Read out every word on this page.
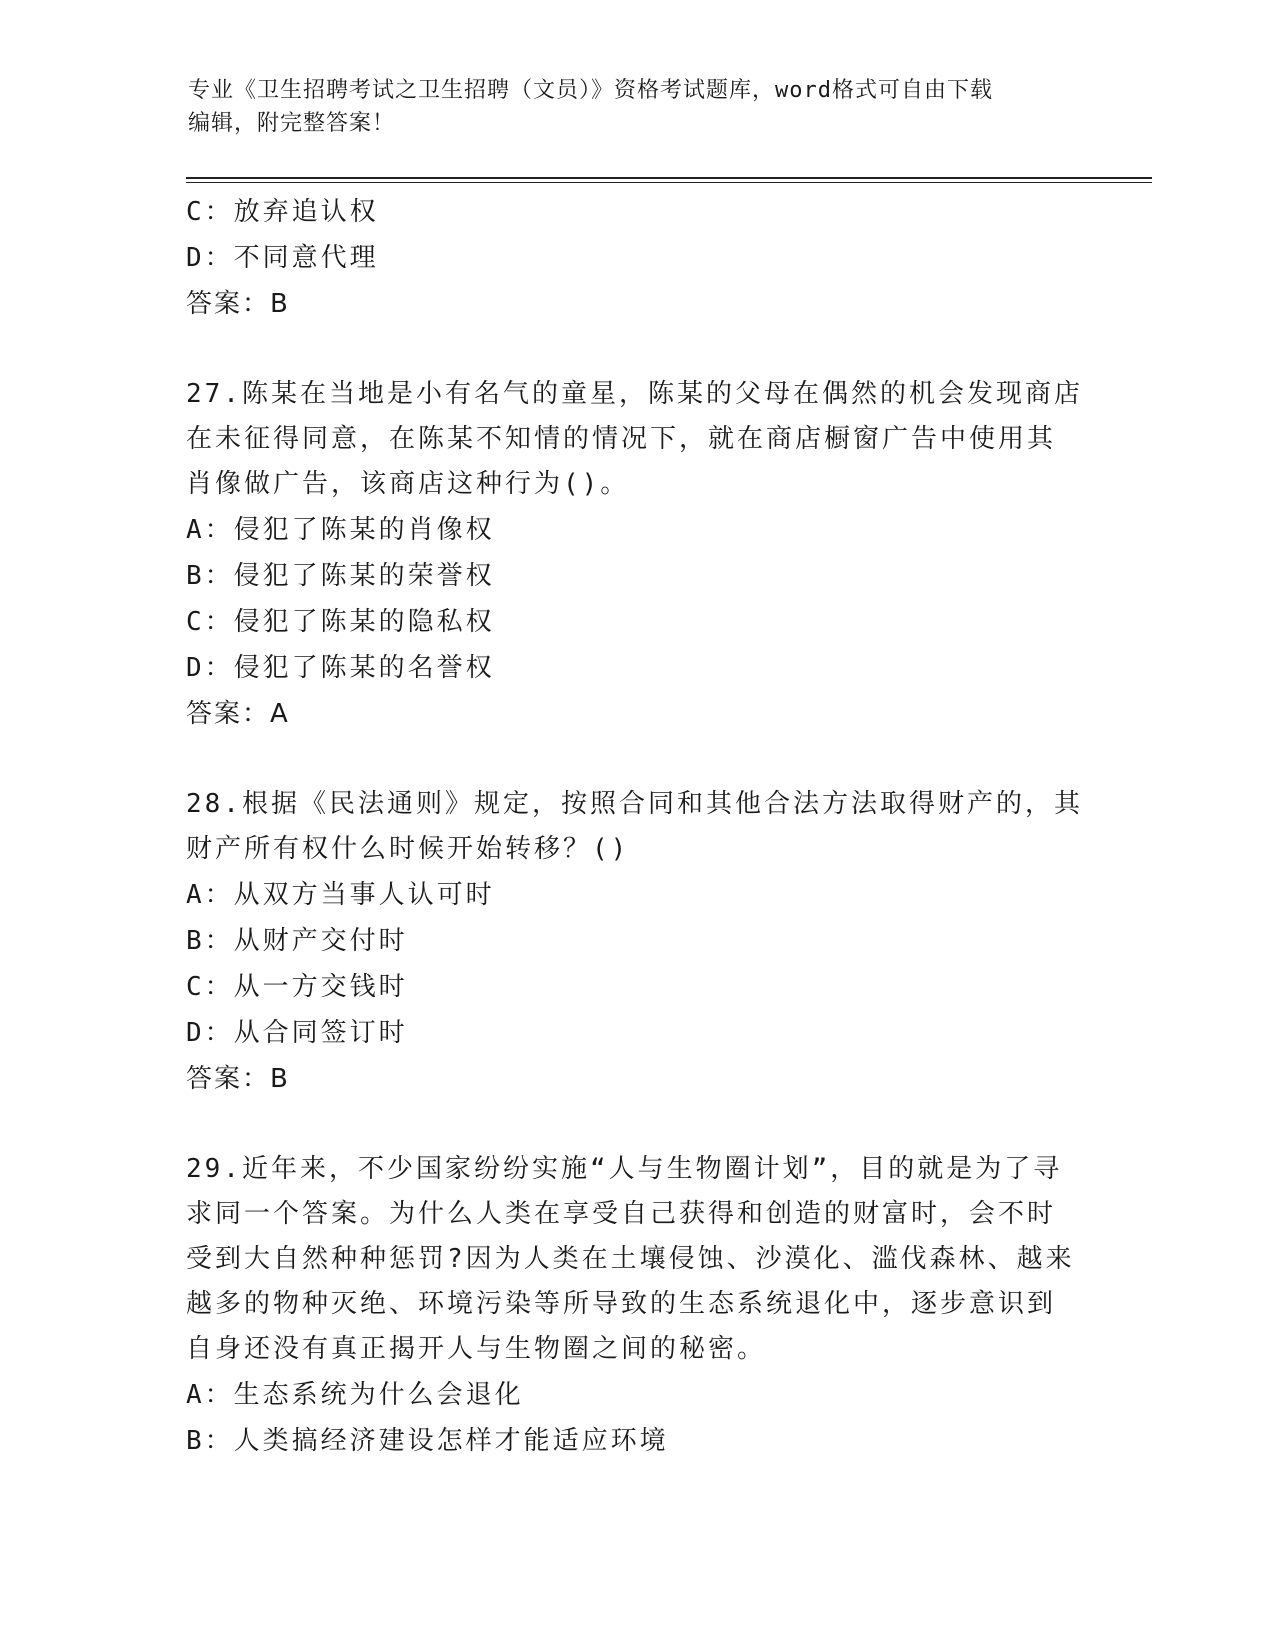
专业《卫生招聘考试之卫生招聘（文员）》资格考试题库，word格式可自由下载
编辑，附完整答案！
C：放弃追认权
D：不同意代理
答案：B
27.陈某在当地是小有名气的童星，陈某的父母在偶然的机会发现商店
在未征得同意，在陈某不知情的情况下，就在商店橱窗广告中使用其
肖像做广告，该商店这种行为()。
A：侵犯了陈某的肖像权
B：侵犯了陈某的荣誉权
C：侵犯了陈某的隐私权
D：侵犯了陈某的名誉权
答案：A
28.根据《民法通则》规定，按照合同和其他合法方法取得财产的，其
财产所有权什么时候开始转移？()
A：从双方当事人认可时
B：从财产交付时
C：从一方交钱时
D：从合同签订时
答案：B
29.近年来，不少国家纷纷实施“人与生物圈计划”，目的就是为了寻
求同一个答案。为什么人类在享受自己获得和创造的财富时，会不时
受到大自然种种惩罚?因为人类在土壤侵蚀、沙漠化、滥伐森林、越来
越多的物种灭绝、环境污染等所导致的生态系统退化中，逐步意识到
自身还没有真正揭开人与生物圈之间的秘密。
A：生态系统为什么会退化
B：人类搞经济建设怎样才能适应环境
